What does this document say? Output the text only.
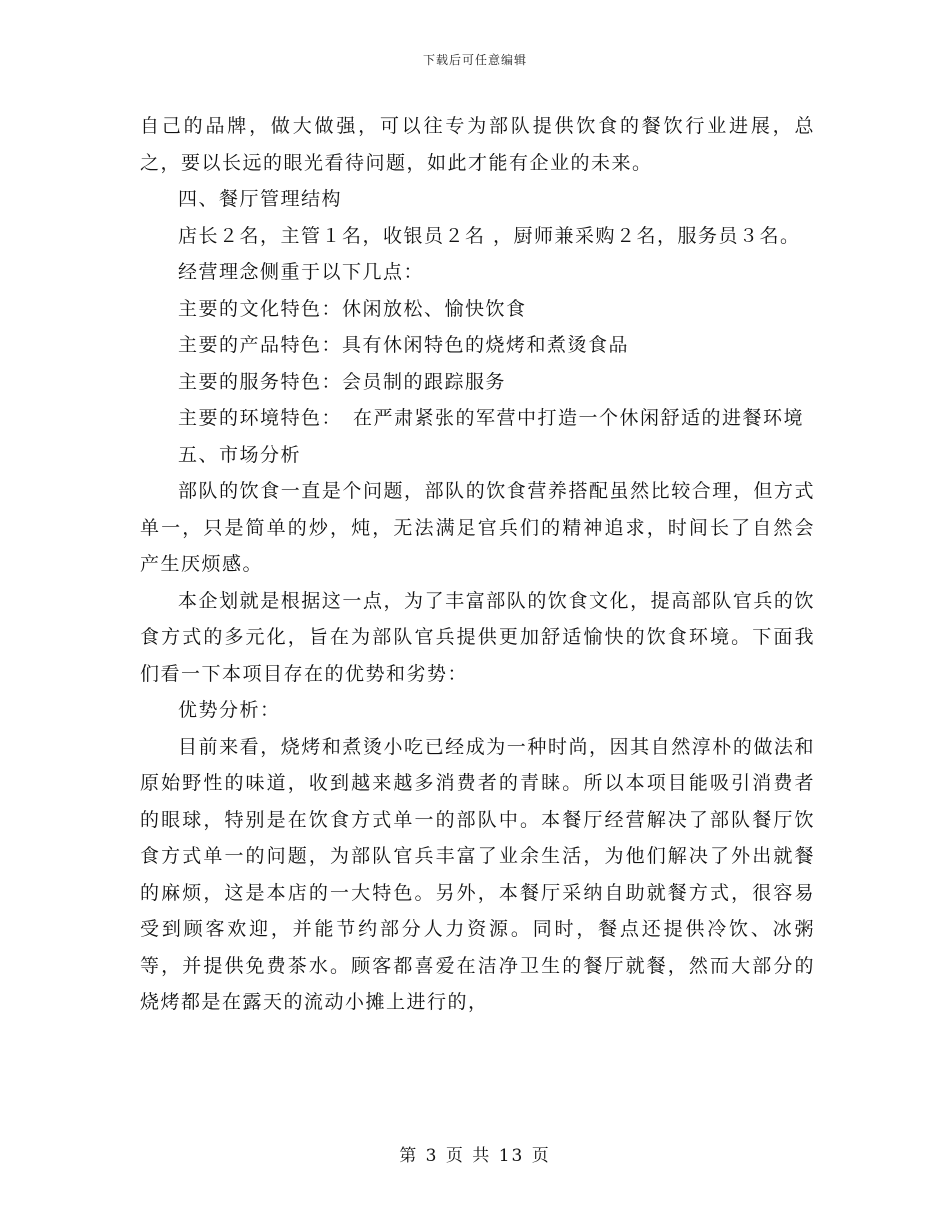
下载后可任意编辑

自己的品牌，做大做强，可以往专为部队提供饮食的餐饮行业进展，总之，要以长远的眼光看待问题，如此才能有企业的未来。

四、餐厅管理结构

店长２名，主管１名，收银员２名 ，厨师兼采购２名，服务员３名。

经营理念侧重于以下几点：

主要的文化特色：休闲放松、愉快饮食

主要的产品特色：具有休闲特色的烧烤和煮烫食品

主要的服务特色：会员制的跟踪服务

主要的环境特色：　在严肃紧张的军营中打造一个休闲舒适的进餐环境

五、市场分析

部队的饮食一直是个问题，部队的饮食营养搭配虽然比较合理，但方式单一，只是简单的炒，炖，无法满足官兵们的精神追求，时间长了自然会产生厌烦感。

本企划就是根据这一点，为了丰富部队的饮食文化，提高部队官兵的饮食方式的多元化，旨在为部队官兵提供更加舒适愉快的饮食环境。下面我们看一下本项目存在的优势和劣势：

优势分析：

目前来看，烧烤和煮烫小吃已经成为一种时尚，因其自然淳朴的做法和原始野性的味道，收到越来越多消费者的青睐。所以本项目能吸引消费者的眼球，特别是在饮食方式单一的部队中。本餐厅经营解决了部队餐厅饮食方式单一的问题，为部队官兵丰富了业余生活，为他们解决了外出就餐的麻烦，这是本店的一大特色。另外，本餐厅采纳自助就餐方式，很容易受到顾客欢迎，并能节约部分人力资源。同时，餐点还提供冷饮、冰粥等，并提供免费茶水。顾客都喜爱在洁净卫生的餐厅就餐，然而大部分的烧烤都是在露天的流动小摊上进行的，

第 3 页 共 13 页
